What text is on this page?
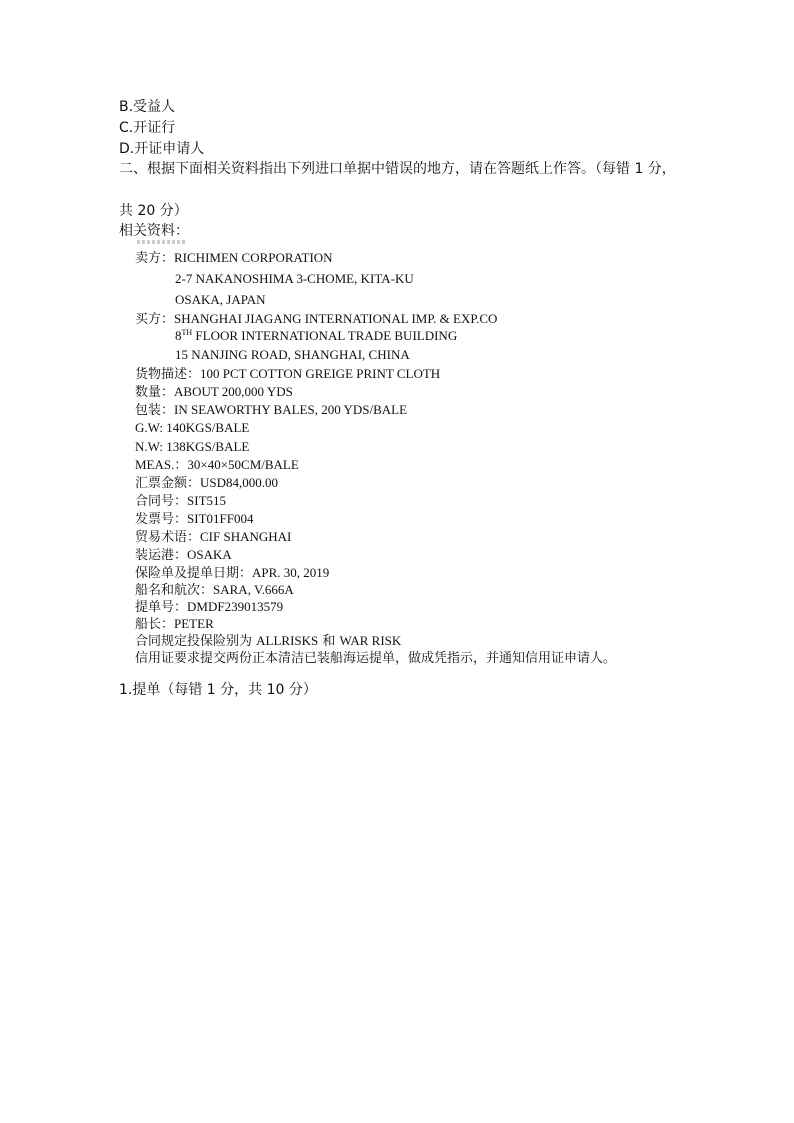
B.受益人
C.开证行
D.开证申请人
二、根据下面相关资料指出下列进口单据中错误的地方，请在答题纸上作答。（每错 1 分，
共 20 分）
相关资料：
卖方：RICHIMEN CORPORATION
2-7 NAKANOSHIMA 3-CHOME, KITA-KU
OSAKA, JAPAN
买方：SHANGHAI JIAGANG INTERNATIONAL IMP. & EXP.CO
8TH FLOOR INTERNATIONAL TRADE BUILDING
15 NANJING ROAD, SHANGHAI, CHINA
货物描述：100 PCT COTTON GREIGE PRINT CLOTH
数量：ABOUT 200,000 YDS
包装：IN SEAWORTHY BALES, 200 YDS/BALE
G.W: 140KGS/BALE
N.W: 138KGS/BALE
MEAS.：30×40×50CM/BALE
汇票金额：USD84,000.00
合同号：SIT515
发票号：SIT01FF004
贸易术语：CIF SHANGHAI
装运港：OSAKA
保险单及提单日期：APR. 30, 2019
船名和航次：SARA, V.666A
提单号：DMDF239013579
船长：PETER
合同规定投保险别为 ALLRISKS 和 WAR RISK
信用证要求提交两份正本清洁已装船海运提单，做成凭指示，并通知信用证申请人。
1.提单（每错 1 分，共 10 分）
